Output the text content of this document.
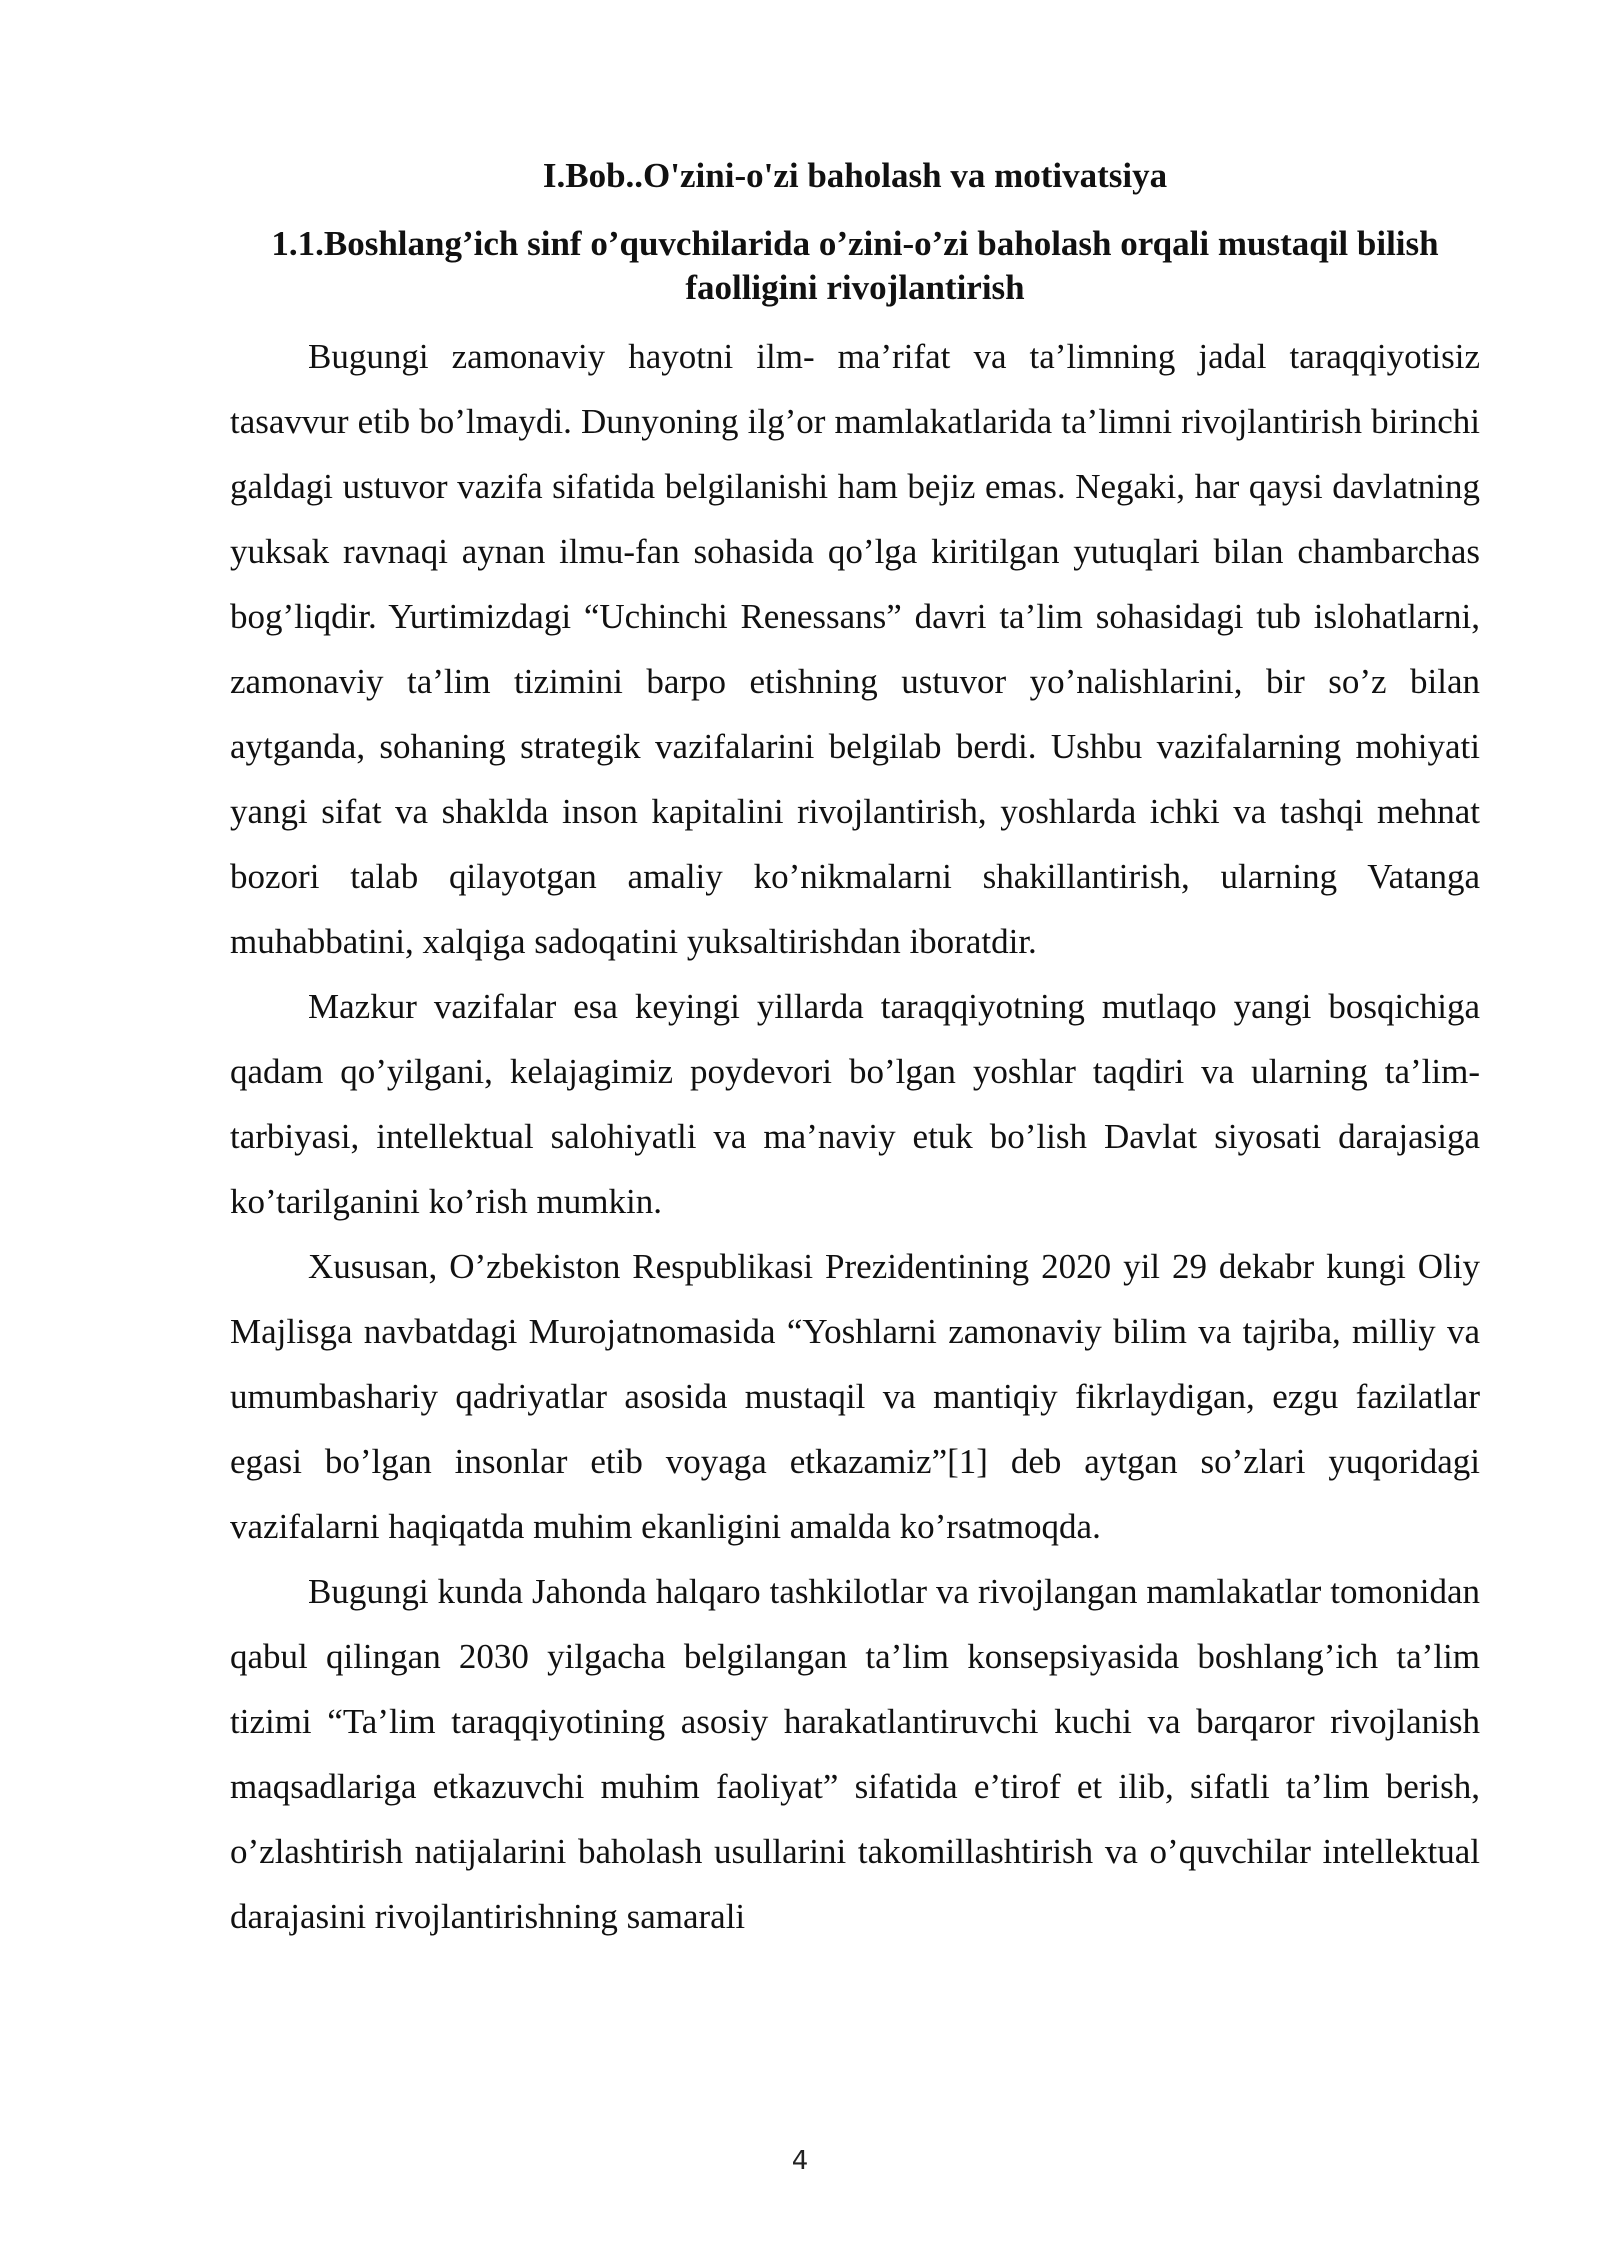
I.Bob..O'zini-o'zi baholash va motivatsiya
1.1.Boshlang’ich sinf o’quvchilarida o’zini-o’zi baholash orqali mustaqil bilish faolligini rivojlantirish

Bugungi zamonaviy hayotni ilm- ma’rifat va ta’limning jadal taraqqiyotisiz tasavvur etib bo’lmaydi. Dunyoning ilg’or mamlakatlarida ta’limni rivojlantirish birinchi galdagi ustuvor vazifa sifatida belgilanishi ham bejiz emas. Negaki, har qaysi davlatning yuksak ravnaqi aynan ilmu-fan sohasida qo’lga kiritilgan yutuqlari bilan chambarchas bog’liqdir. Yurtimizdagi “Uchinchi Renessans” davri ta’lim sohasidagi tub islohatlarni, zamonaviy ta’lim tizimini barpo etishning ustuvor yo’nalishlarini, bir so’z bilan aytganda, sohaning strategik vazifalarini belgilab berdi. Ushbu vazifalarning mohiyati yangi sifat va shaklda inson kapitalini rivojlantirish, yoshlarda ichki va tashqi mehnat bozori talab qilayotgan amaliy ko’nikmalarni shakillantirish, ularning Vatanga muhabbatini, xalqiga sadoqatini yuksaltirishdan iboratdir.

Mazkur vazifalar esa keyingi yillarda taraqqiyotning mutlaqo yangi bosqichiga qadam qo’yilgani, kelajagimiz poydevori bo’lgan yoshlar taqdiri va ularning ta’lim-tarbiyasi, intellektual salohiyatli va ma’naviy etuk bo’lish Davlat siyosati darajasiga ko’tarilganini ko’rish mumkin.

Xususan, O’zbekiston Respublikasi Prezidentining 2020 yil 29 dekabr kungi Oliy Majlisga navbatdagi Murojatnomasida “Yoshlarni zamonaviy bilim va tajriba, milliy va umumbashariy qadriyatlar asosida mustaqil va mantiqiy fikrlaydigan, ezgu fazilatlar egasi bo’lgan insonlar etib voyaga etkazamiz”[1] deb aytgan so’zlari yuqoridagi vazifalarni haqiqatda muhim ekanligini amalda ko’rsatmoqda.

Bugungi kunda Jahonda halqaro tashkilotlar va rivojlangan mamlakatlar tomonidan qabul qilingan 2030 yilgacha belgilangan ta’lim konsepsiyasida boshlang’ich ta’lim tizimi “Ta’lim taraqqiyotining asosiy harakatlantiruvchi kuchi va barqaror rivojlanish maqsadlariga etkazuvchi muhim faoliyat” sifatida e’tirof et ilib, sifatli ta’lim berish, o’zlashtirish natijalarini baholash usullarini takomillashtirish va o’quvchilar intellektual darajasini rivojlantirishning samarali

4
